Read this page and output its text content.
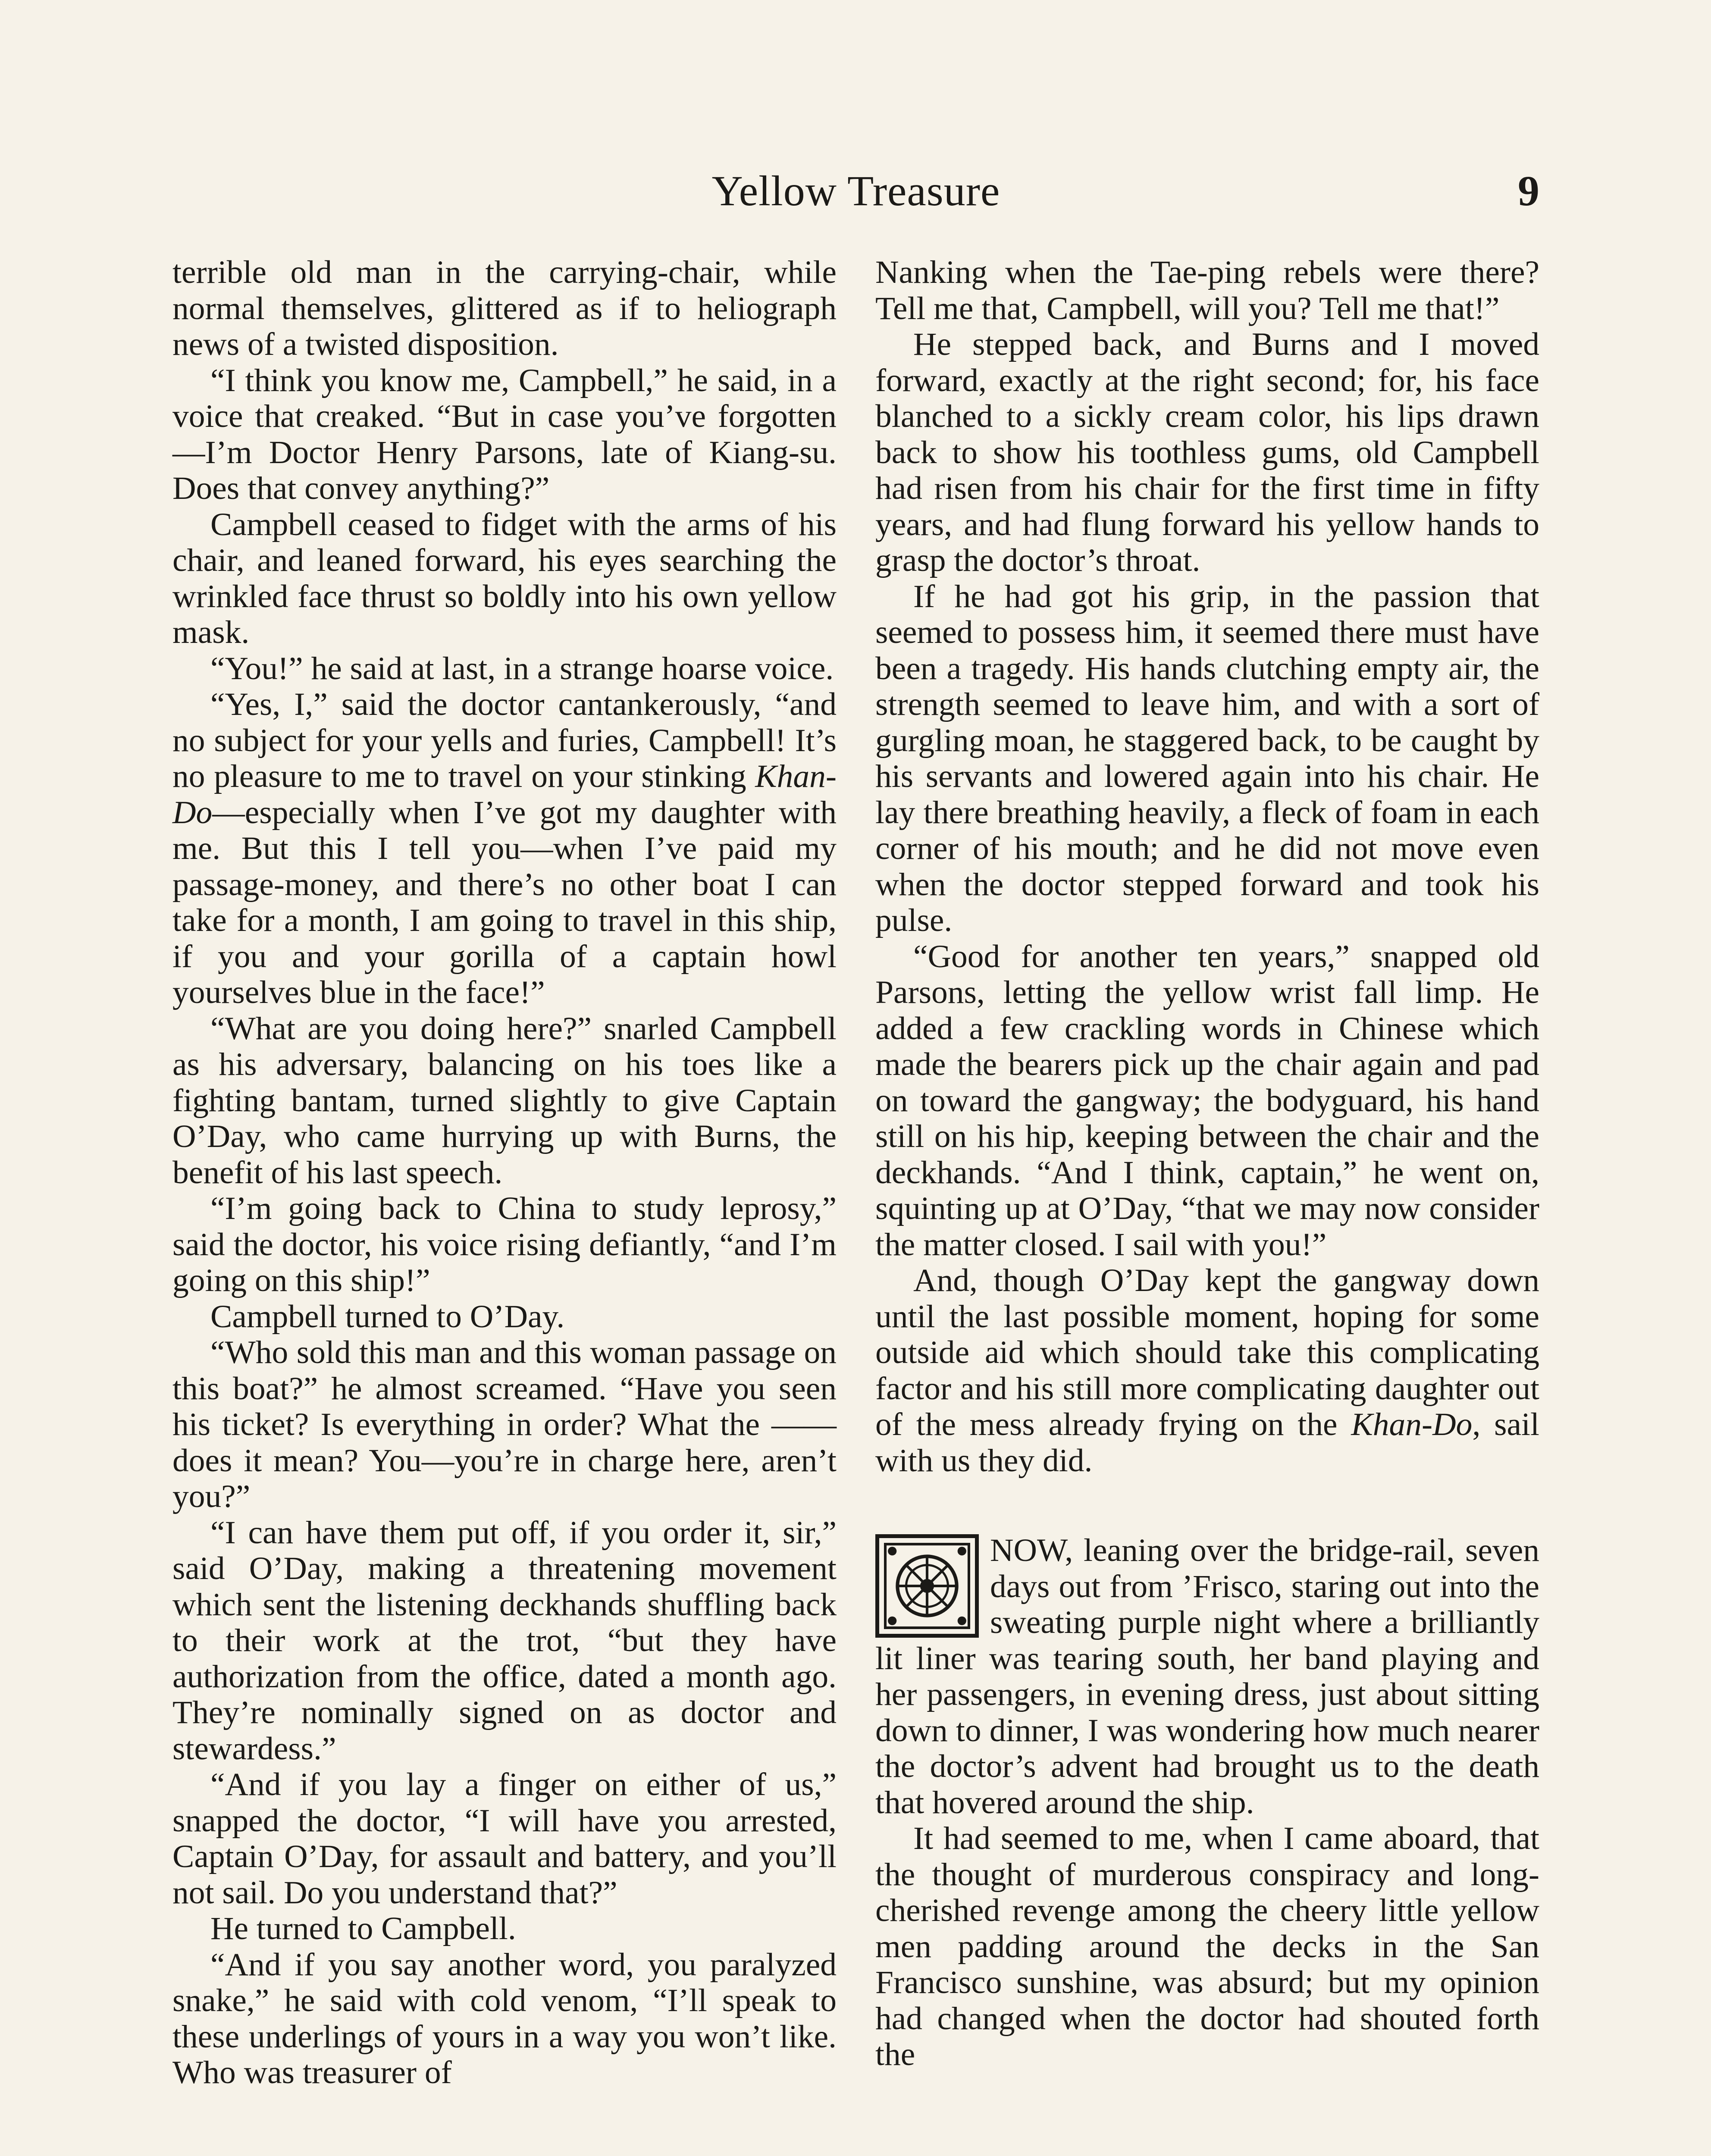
Yellow Treasure	9

terrible old man in the carrying-chair, while normal themselves, glittered as if to heliograph news of a twisted disposition.

“I think you know me, Campbell,” he said, in a voice that creaked. “But in case you’ve forgotten—I’m Doctor Henry Parsons, late of Kiang-su. Does that convey anything?”

Campbell ceased to fidget with the arms of his chair, and leaned forward, his eyes searching the wrinkled face thrust so boldly into his own yellow mask.

“You!” he said at last, in a strange hoarse voice.

“Yes, I,” said the doctor cantankerously, “and no subject for your yells and furies, Campbell! It’s no pleasure to me to travel on your stinking Khan-Do—especially when I’ve got my daughter with me. But this I tell you—when I’ve paid my passage-money, and there’s no other boat I can take for a month, I am going to travel in this ship, if you and your gorilla of a captain howl yourselves blue in the face!”

“What are you doing here?” snarled Campbell as his adversary, balancing on his toes like a fighting bantam, turned slightly to give Captain O’Day, who came hurrying up with Burns, the benefit of his last speech.

“I’m going back to China to study leprosy,” said the doctor, his voice rising defiantly, “and I’m going on this ship!”

Campbell turned to O’Day.

“Who sold this man and this woman passage on this boat?” he almost screamed. “Have you seen his ticket? Is everything in order? What the —— does it mean? You—you’re in charge here, aren’t you?”

“I can have them put off, if you order it, sir,” said O’Day, making a threatening movement which sent the listening deckhands shuffling back to their work at the trot, “but they have authorization from the office, dated a month ago. They’re nominally signed on as doctor and stewardess.”

“And if you lay a finger on either of us,” snapped the doctor, “I will have you arrested, Captain O’Day, for assault and battery, and you’ll not sail. Do you understand that?”

He turned to Campbell.

“And if you say another word, you paralyzed snake,” he said with cold venom, “I’ll speak to these underlings of yours in a way you won’t like. Who was treasurer of

Nanking when the Tae-ping rebels were there? Tell me that, Campbell, will you? Tell me that!”

He stepped back, and Burns and I moved forward, exactly at the right second; for, his face blanched to a sickly cream color, his lips drawn back to show his toothless gums, old Campbell had risen from his chair for the first time in fifty years, and had flung forward his yellow hands to grasp the doctor’s throat.

If he had got his grip, in the passion that seemed to possess him, it seemed there must have been a tragedy. His hands clutching empty air, the strength seemed to leave him, and with a sort of gurgling moan, he staggered back, to be caught by his servants and lowered again into his chair. He lay there breathing heavily, a fleck of foam in each corner of his mouth; and he did not move even when the doctor stepped forward and took his pulse.

“Good for another ten years,” snapped old Parsons, letting the yellow wrist fall limp. He added a few crackling words in Chinese which made the bearers pick up the chair again and pad on toward the gangway; the bodyguard, his hand still on his hip, keeping between the chair and the deckhands. “And I think, captain,” he went on, squinting up at O’Day, “that we may now consider the matter closed. I sail with you!”

And, though O’Day kept the gangway down until the last possible moment, hoping for some outside aid which should take this complicating factor and his still more complicating daughter out of the mess already frying on the Khan-Do, sail with us they did.

NOW, leaning over the bridge-rail, seven days out from ’Frisco, staring out into the sweating purple night where a brilliantly lit liner was tearing south, her band playing and her passengers, in evening dress, just about sitting down to dinner, I was wondering how much nearer the doctor’s advent had brought us to the death that hovered around the ship.

It had seemed to me, when I came aboard, that the thought of murderous conspiracy and long-cherished revenge among the cheery little yellow men padding around the decks in the San Francisco sunshine, was absurd; but my opinion had changed when the doctor had shouted forth the
